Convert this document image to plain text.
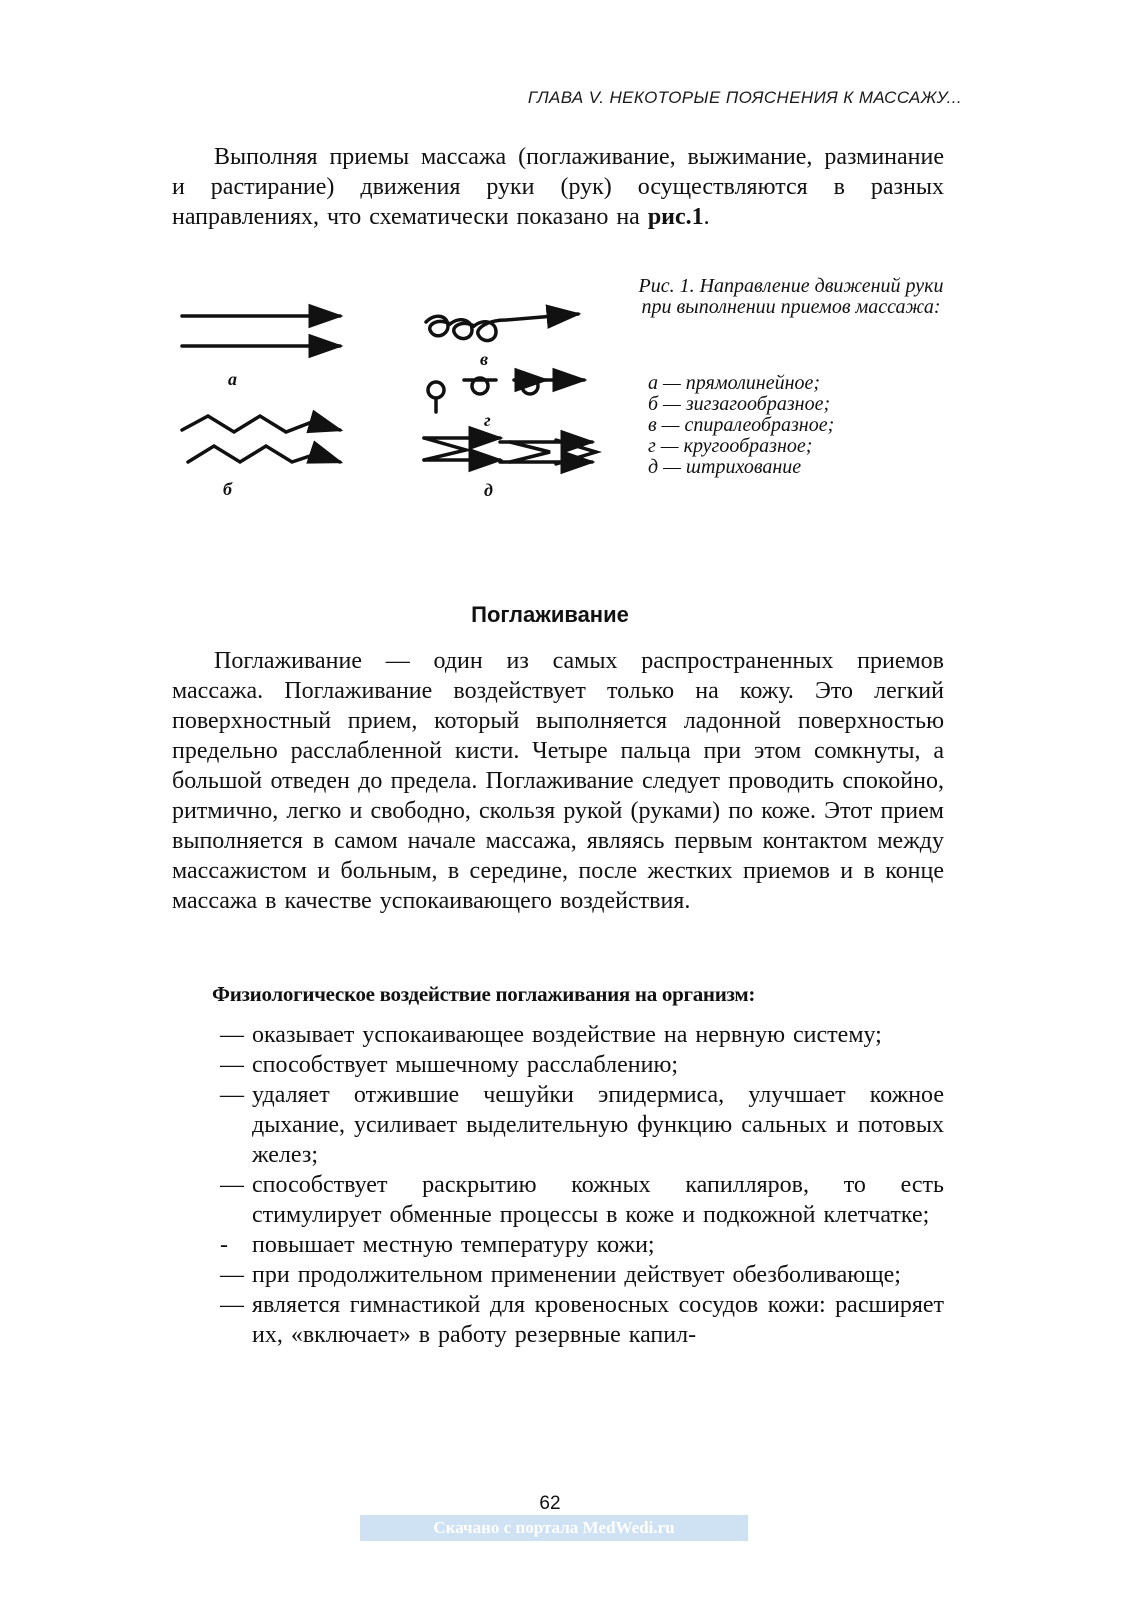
ГЛАВА V. НЕКОТОРЫЕ ПОЯСНЕНИЯ К МАССАЖУ...

Выполняя приемы массажа (поглаживание, выжимание, разминание и растирание) движения руки (рук) осуществляются в разных направлениях, что схематически показано на рис.1.

а
б
в
г
д
Рис. 1. Направление движений руки при выполнении приемов массажа:
а — прямолинейное;
б — зигзагообразное;
в — спиралеобразное;
г — кругообразное;
д — штрихование
Поглаживание

Поглаживание — один из самых распространенных приемов массажа. Поглаживание воздействует только на кожу. Это легкий поверхностный прием, который выполняется ладонной поверхностью предельно расслабленной кисти. Четыре пальца при этом сомкнуты, а большой отведен до предела. Поглаживание следует проводить спокойно, ритмично, легко и свободно, скользя рукой (руками) по коже. Этот прием выполняется в самом начале массажа, являясь первым контактом между массажистом и больным, в середине, после жестких приемов и в конце массажа в качестве успокаивающего воздействия.

Физиологическое воздействие поглаживания на организм:
— оказывает успокаивающее воздействие на нервную систему;
— способствует мышечному расслаблению;
— удаляет отжившие чешуйки эпидермиса, улучшает кожное дыхание, усиливает выделительную функцию сальных и потовых желез;
— способствует раскрытию кожных капилляров, то есть стимулирует обменные процессы в коже и подкожной клетчатке;
- повышает местную температуру кожи;
— при продолжительном применении действует обезболивающе;
— является гимнастикой для кровеносных сосудов кожи: расширяет их, «включает» в работу резервные капил-
62
Скачано с портала MedWedi.ru
